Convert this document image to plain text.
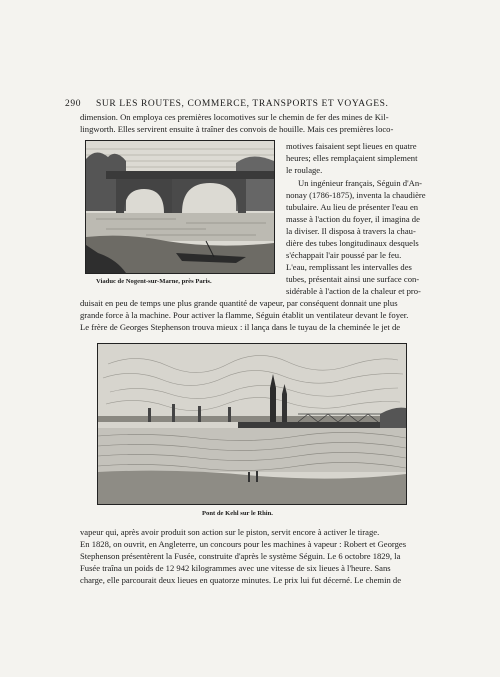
290 SUR LES ROUTES, COMMERCE, TRANSPORTS ET VOYAGES.
dimension. On employa ces premières locomotives sur le chemin de fer des mines de Kil-
lingworth. Elles servirent ensuite à traîner des convois de houille. Mais ces premières loco-
Viaduc de Nogent-sur-Marne, près Paris.
motives faisaient sept lieues en quatre
heures; elles remplaçaient simplement
le roulage.
Un ingénieur français, Séguin d'An-
nonay (1786-1875), inventa la chaudière
tubulaire. Au lieu de présenter l'eau en
masse à l'action du foyer, il imagina de
la diviser. Il disposa à travers la chau-
dière des tubes longitudinaux desquels
s'échappait l'air poussé par le feu.
L'eau, remplissant les intervalles des
tubes, présentait ainsi une surface con-
sidérable à l'action de la chaleur et pro-
duisait en peu de temps une plus grande quantité de vapeur, par conséquent donnait une plus
grande force à la machine. Pour activer la flamme, Séguin établit un ventilateur devant le foyer.
Le frère de Georges Stephenson trouva mieux : il lança dans le tuyau de la cheminée le jet de
Pont de Kehl sur le Rhin.
vapeur qui, après avoir produit son action sur le piston, servit encore à activer le tirage.
En 1828, on ouvrit, en Angleterre, un concours pour les machines à vapeur : Robert et Georges
Stephenson présentèrent la Fusée, construite d'après le système Séguin. Le 6 octobre 1829, la
Fusée traîna un poids de 12 942 kilogrammes avec une vitesse de six lieues à l'heure. Sans
charge, elle parcourait deux lieues en quatorze minutes. Le prix lui fut décerné. Le chemin de
